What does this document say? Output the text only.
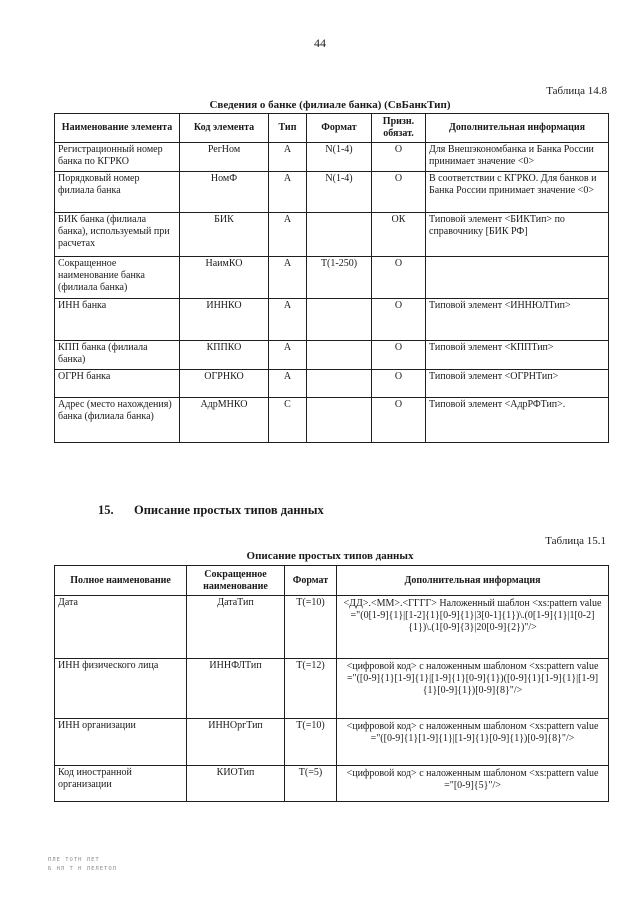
44
Таблица 14.8
Сведения о банке (филиале банка) (СвБанкТип)
Наименование элемента	Код элемента	Тип	Формат	Призн. обязат.	Дополнительная информация
Регистрационный номер банка по КГРКО	РегНом	А	N(1-4)	О	Для Внешэкономбанка и Банка России принимает значение <0>
Порядковый номер филиала банка	НомФ	А	N(1-4)	О	В соответствии с КГРКО. Для банков и Банка России принимает значение <0>
БИК банка (филиала банка), используемый при расчетах	БИК	А		ОК	Типовой элемент <БИКТип> по справочнику [БИК РФ]
Сокращенное наименование банка (филиала банка)	НаимКО	А	T(1-250)	О	
ИНН банка	ИННКО	А		О	Типовой элемент <ИННЮЛТип>
КПП банка (филиала банка)	КППКО	А		О	Типовой элемент <КППТип>
ОГРН банка	ОГРНКО	А		О	Типовой элемент <ОГРНТип>
Адрес (место нахождения) банка (филиала банка)	АдрМНКО	С		О	Типовой элемент <АдрРФТип>.
15. Описание простых типов данных
Таблица 15.1
Описание простых типов данных
Полное наименование	Сокращенное наименование	Формат	Дополнительная информация
Дата	ДатаТип	T(=10)	<ДД>.<ММ>.<ГГГГ> Наложенный шаблон <xs:pattern value="(0[1-9]{1}|[1-2]{1}[0-9]{1}|3[0-1]{1})\.(0[1-9]{1}|1[0-2]{1})\.(1[0-9]{3}|20[0-9]{2})"/>
ИНН физического лица	ИННФЛТип	T(=12)	<цифровой код> с наложенным шаблоном <xs:pattern value="([0-9]{1}[1-9]{1}|[1-9]{1}[0-9]{1})([0-9]{1}[1-9]{1}|[1-9]{1}[0-9]{1})[0-9]{8}"/>
ИНН организации	ИННОргТип	T(=10)	<цифровой код> с наложенным шаблоном <xs:pattern value="([0-9]{1}[1-9]{1}|[1-9]{1}[0-9]{1})[0-9]{8}"/>
Код иностранной организации	КИОТип	T(=5)	<цифровой код> с наложенным шаблоном <xs:pattern value="[0-9]{5}"/>
ПЛЕ ТОТН ЛЕТ
Б НЛ Т Н ЛЕЛЕТОЛ
